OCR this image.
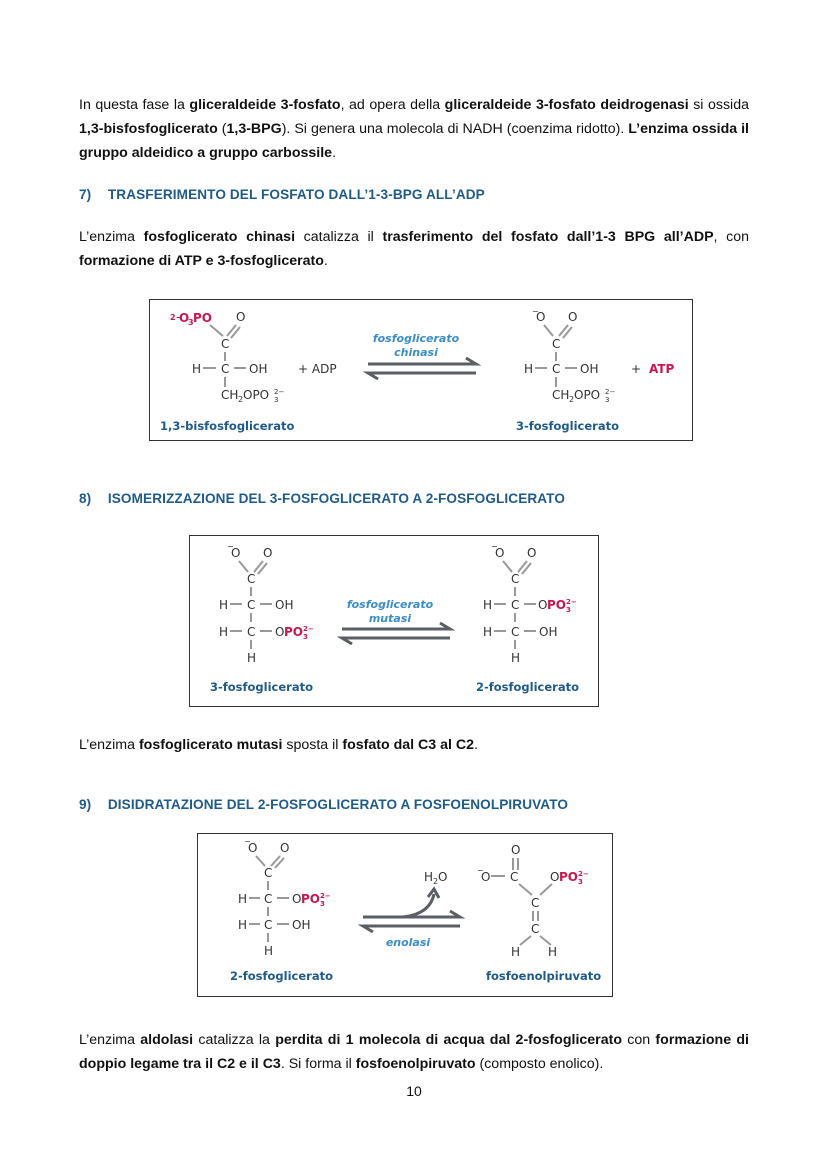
In questa fase la gliceraldeide 3-fosfato, ad opera della gliceraldeide 3-fosfato deidrogenasi si ossida 1,3-bisfosfoglicerato (1,3-BPG). Si genera una molecola di NADH (coenzima ridotto). L’enzima ossida il gruppo aldeidico a gruppo carbossile.

7) TRASFERIMENTO DEL FOSFATO DALL’1-3-BPG ALL’ADP

L’enzima fosfoglicerato chinasi catalizza il trasferimento del fosfato dall’1-3 BPG all’ADP, con formazione di ATP e 3-fosfoglicerato.

2−
O
3 PO O
C
H C OH
CH 2 OPO 2−
3
1,3-bisfosfoglicerato
+ ADP
fosfoglicerato
chinasi
−
O O
C
H C OH
CH 2 OPO 2−
3
3-fosfoglicerato
+ ATP
8) ISOMERIZZAZIONE DEL 3-FOSFOGLICERATO A 2-FOSFOGLICERATO
−
O O
C
H C OH
H C O PO 2−
3
H
3-fosfoglicerato
fosfoglicerato
mutasi
−
O O
C
H C O PO 2−
3
H C OH
H
2-fosfoglicerato

L’enzima fosfoglicerato mutasi sposta il fosfato dal C3 al C2.

9) DISIDRATAZIONE DEL 2-FOSFOGLICERATO A FOSFOENOLPIRUVATO
−
O O
C
H C O PO 2−
3
H C OH
H
2-fosfoglicerato
H 2 O
enolasi
O
−
O C	O PO 2−
3
C
C
H H
fosfoenolpiruvato

L’enzima aldolasi catalizza la perdita di 1 molecola di acqua dal 2-fosfoglicerato con formazione di doppio legame tra il C2 e il C3. Si forma il fosfoenolpiruvato (composto enolico).

10
